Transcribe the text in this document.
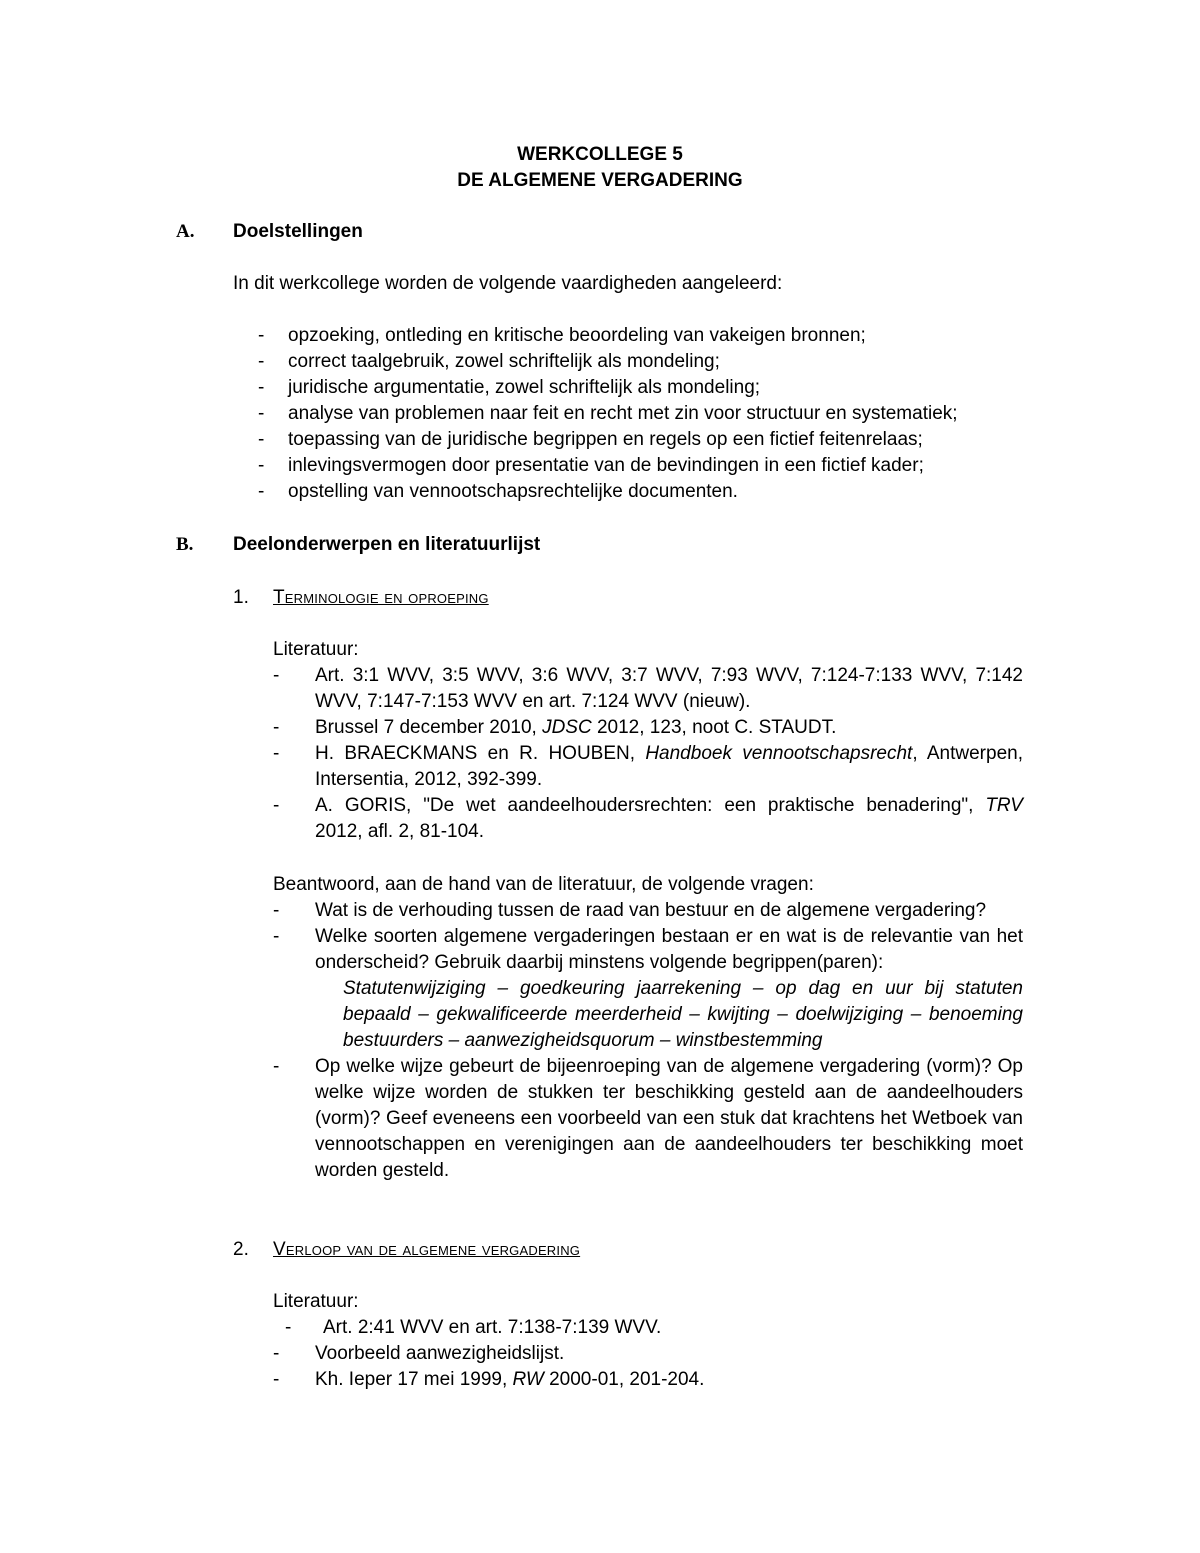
WERKCOLLEGE 5
DE ALGEMENE VERGADERING
A. Doelstellingen
In dit werkcollege worden de volgende vaardigheden aangeleerd:
- opzoeking, ontleding en kritische beoordeling van vakeigen bronnen;
- correct taalgebruik, zowel schriftelijk als mondeling;
- juridische argumentatie, zowel schriftelijk als mondeling;
- analyse van problemen naar feit en recht met zin voor structuur en systematiek;
- toepassing van de juridische begrippen en regels op een fictief feitenrelaas;
- inlevingsvermogen door presentatie van de bevindingen in een fictief kader;
- opstelling van vennootschapsrechtelijke documenten.
B. Deelonderwerpen en literatuurlijst
1. Terminologie en oproeping
Literatuur:
- Art. 3:1 WVV, 3:5 WVV, 3:6 WVV, 3:7 WVV, 7:93 WVV, 7:124-7:133 WVV, 7:142 WVV, 7:147-7:153 WVV en art. 7:124 WVV (nieuw).
- Brussel 7 december 2010, JDSC 2012, 123, noot C. STAUDT.
- H. BRAECKMANS en R. HOUBEN, Handboek vennootschapsrecht, Antwerpen, Intersentia, 2012, 392-399.
- A. GORIS, "De wet aandeelhoudersrechten: een praktische benadering", TRV 2012, afl. 2, 81-104.
Beantwoord, aan de hand van de literatuur, de volgende vragen:
- Wat is de verhouding tussen de raad van bestuur en de algemene vergadering?
- Welke soorten algemene vergaderingen bestaan er en wat is de relevantie van het onderscheid? Gebruik daarbij minstens volgende begrippen(paren):
Statutenwijziging – goedkeuring jaarrekening – op dag en uur bij statuten bepaald – gekwalificeerde meerderheid – kwijting – doelwijziging – benoeming bestuurders – aanwezigheidsquorum – winstbestemming
- Op welke wijze gebeurt de bijeenroeping van de algemene vergadering (vorm)? Op welke wijze worden de stukken ter beschikking gesteld aan de aandeelhouders (vorm)? Geef eveneens een voorbeeld van een stuk dat krachtens het Wetboek van vennootschappen en verenigingen aan de aandeelhouders ter beschikking moet worden gesteld.
2. Verloop van de algemene vergadering
Literatuur:
- Art. 2:41 WVV en art. 7:138-7:139 WVV.
- Voorbeeld aanwezigheidslijst.
- Kh. Ieper 17 mei 1999, RW 2000-01, 201-204.
